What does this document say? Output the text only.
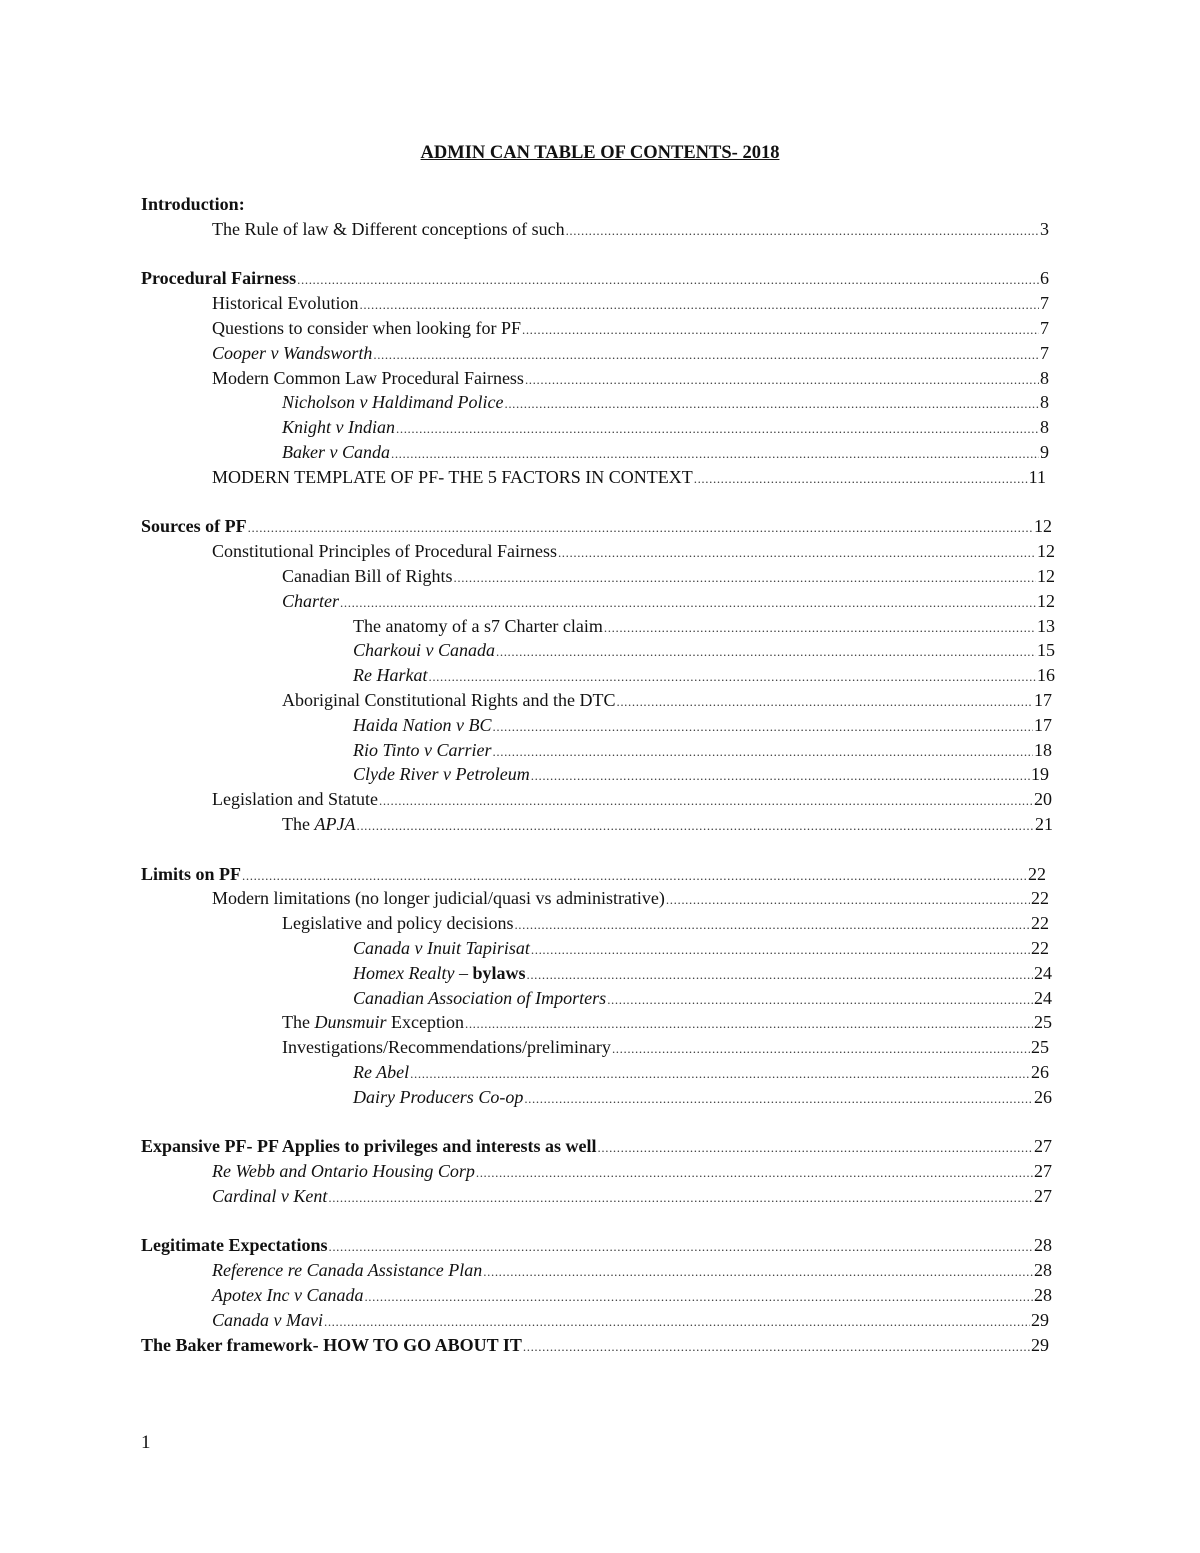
ADMIN CAN TABLE OF CONTENTS- 2018
Introduction:
The Rule of law & Different conceptions of such .....	3
Procedural Fairness .....	6
Historical Evolution .....	7
Questions to consider when looking for PF .....	7
Cooper v Wandsworth .....	7
Modern Common Law Procedural Fairness .....	8
Nicholson v Haldimand Police .....	8
Knight v Indian .....	8
Baker v Canda .....	9
MODERN TEMPLATE OF PF- THE 5 FACTORS IN CONTEXT .....	11
Sources of PF .....	12
Constitutional Principles of Procedural Fairness .....	12
Canadian Bill of Rights .....	12
Charter .....	12
The anatomy of a s7 Charter claim .....	13
Charkoui v Canada .....	15
Re Harkat .....	16
Aboriginal Constitutional Rights and the DTC .....	17
Haida Nation v BC .....	17
Rio Tinto v Carrier .....	18
Clyde River v Petroleum .....	19
Legislation and Statute .....	20
The APJA .....	21
Limits on PF .....	22
Modern limitations (no longer judicial/quasi vs administrative) .....	22
Legislative and policy decisions .....	22
Canada v Inuit Tapirisat .....	22
Homex Realty – bylaws .....	24
Canadian Association of Importers .....	24
The Dunsmuir Exception .....	25
Investigations/Recommendations/preliminary .....	25
Re Abel .....	26
Dairy Producers Co-op .....	26
Expansive PF- PF Applies to privileges and interests as well .....	27
Re Webb and Ontario Housing Corp .....	27
Cardinal v Kent .....	27
Legitimate Expectations .....	28
Reference re Canada Assistance Plan .....	28
Apotex Inc v Canada .....	28
Canada v Mavi .....	29
The Baker framework- HOW TO GO ABOUT IT .....	29
1
